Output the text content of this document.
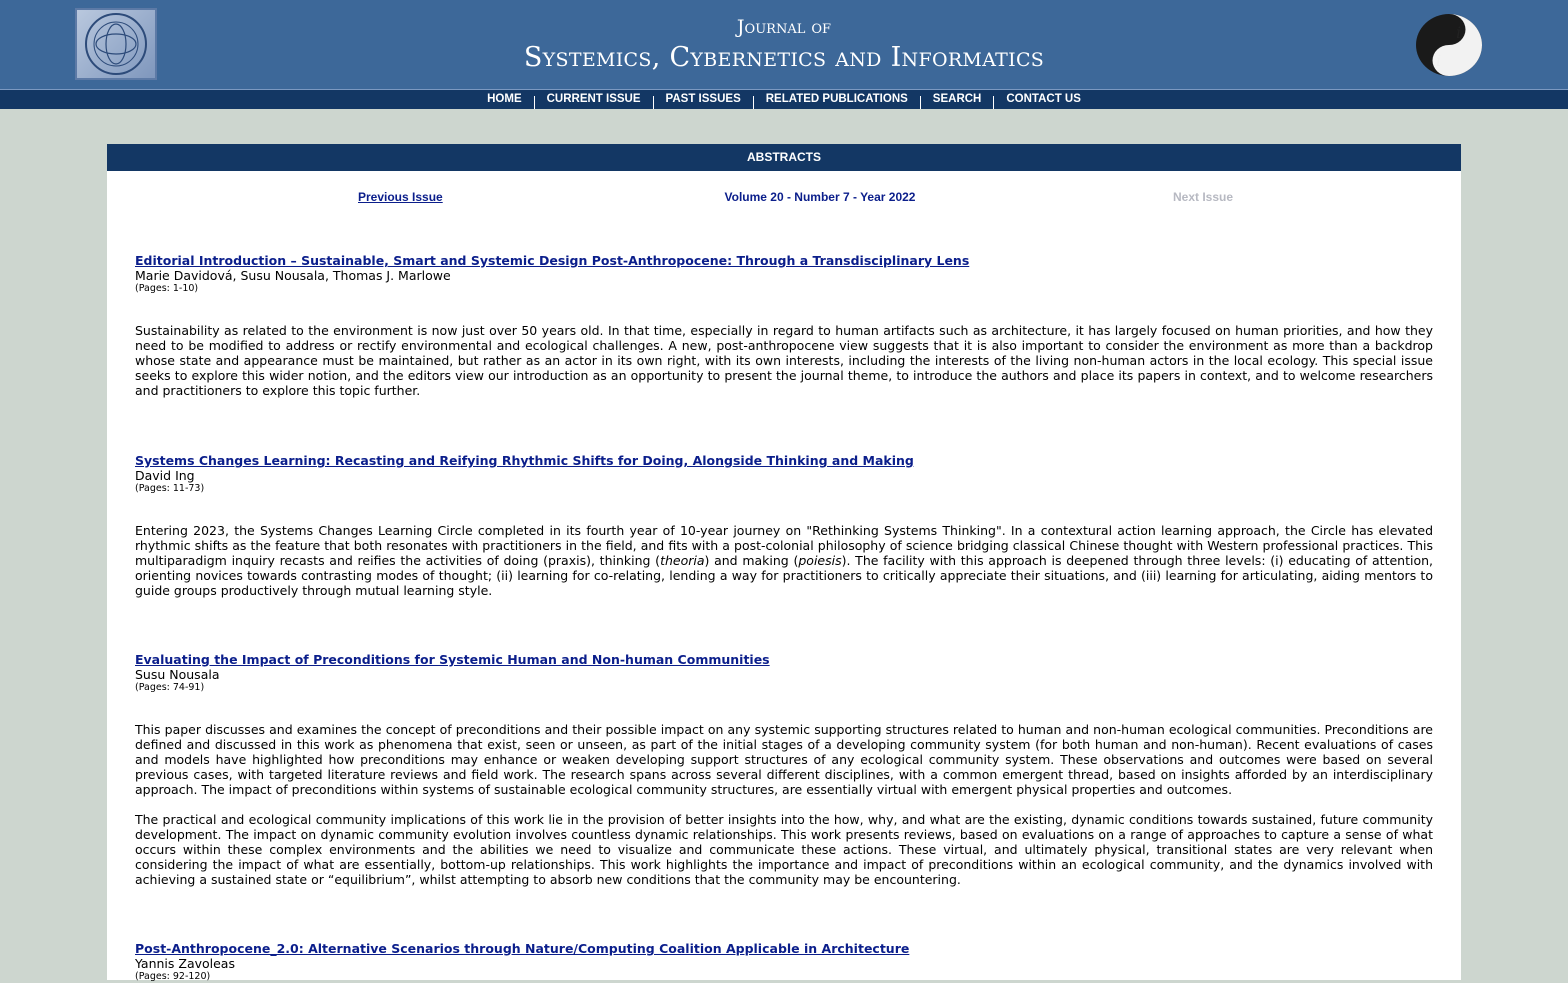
Journal of
Systemics, Cybernetics and Informatics
i
i
HOME CURRENT ISSUE PAST ISSUES RELATED PUBLICATIONS SEARCH CONTACT US
ABSTRACTS
Previous Issue	Volume 20 - Number 7 - Year 2022	Next Issue
Editorial Introduction – Sustainable, Smart and Systemic Design Post-Anthropocene: Through a Transdisciplinary Lens
Marie Davidová, Susu Nousala, Thomas J. Marlowe
(Pages: 1-10)

Sustainability as related to the environment is now just over 50 years old. In that time, especially in regard to human artifacts such as architecture, it has largely focused on human priorities, and how they need to be modified to address or rectify environmental and ecological challenges. A new, post-anthropocene view suggests that it is also important to consider the environment as more than a backdrop whose state and appearance must be maintained, but rather as an actor in its own right, with its own interests, including the interests of the living non-human actors in the local ecology. This special issue seeks to explore this wider notion, and the editors view our introduction as an opportunity to present the journal theme, to introduce the authors and place its papers in context, and to welcome researchers and practitioners to explore this topic further.

Systems Changes Learning: Recasting and Reifying Rhythmic Shifts for Doing, Alongside Thinking and Making
David Ing
(Pages: 11-73)

Entering 2023, the Systems Changes Learning Circle completed in its fourth year of 10-year journey on "Rethinking Systems Thinking". In a contextural action learning approach, the Circle has elevated rhythmic shifts as the feature that both resonates with practitioners in the field, and fits with a post-colonial philosophy of science bridging classical Chinese thought with Western professional practices. This multiparadigm inquiry recasts and reifies the activities of doing (praxis), thinking (theoria) and making (poiesis). The facility with this approach is deepened through three levels: (i) educating of attention, orienting novices towards contrasting modes of thought; (ii) learning for co-relating, lending a way for practitioners to critically appreciate their situations, and (iii) learning for articulating, aiding mentors to guide groups productively through mutual learning style.

Evaluating the Impact of Preconditions for Systemic Human and Non-human Communities
Susu Nousala
(Pages: 74-91)

This paper discusses and examines the concept of preconditions and their possible impact on any systemic supporting structures related to human and non-human ecological communities. Preconditions are defined and discussed in this work as phenomena that exist, seen or unseen, as part of the initial stages of a developing community system (for both human and non-human). Recent evaluations of cases and models have highlighted how preconditions may enhance or weaken developing support structures of any ecological community system. These observations and outcomes were based on several previous cases, with targeted literature reviews and field work. The research spans across several different disciplines, with a common emergent thread, based on insights afforded by an interdisciplinary approach. The impact of preconditions within systems of sustainable ecological community structures, are essentially virtual with emergent physical properties and outcomes.

The practical and ecological community implications of this work lie in the provision of better insights into the how, why, and what are the existing, dynamic conditions towards sustained, future community development. The impact on dynamic community evolution involves countless dynamic relationships. This work presents reviews, based on evaluations on a range of approaches to capture a sense of what occurs within these complex environments and the abilities we need to visualize and communicate these actions. These virtual, and ultimately physical, transitional states are very relevant when considering the impact of what are essentially, bottom-up relationships. This work highlights the importance and impact of preconditions within an ecological community, and the dynamics involved with achieving a sustained state or “equilibrium”, whilst attempting to absorb new conditions that the community may be encountering.

Post-Anthropocene_2.0: Alternative Scenarios through Nature/Computing Coalition Applicable in Architecture
Yannis Zavoleas
(Pages: 92-120)
